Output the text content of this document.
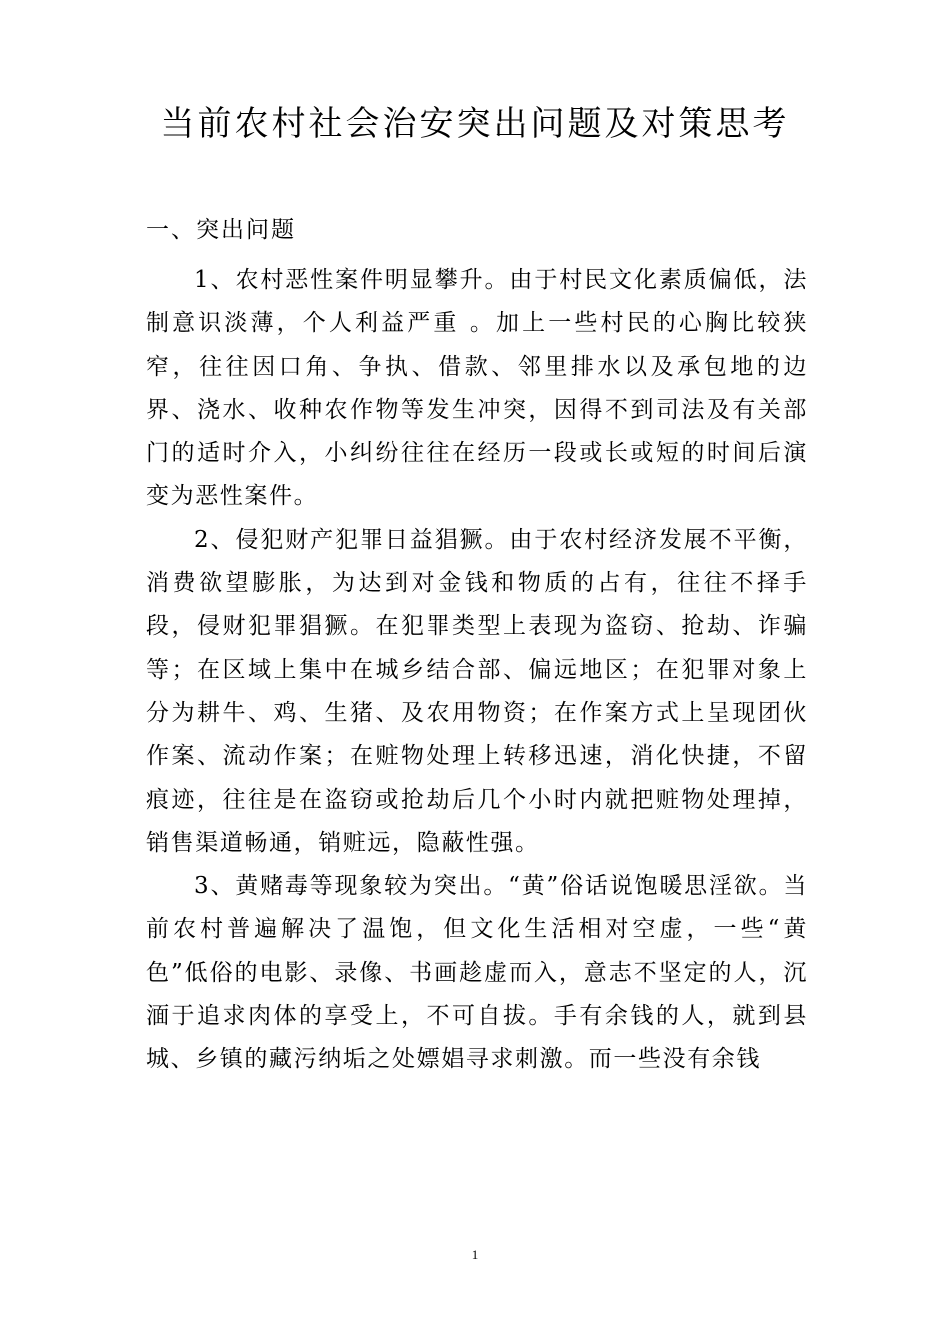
当前农村社会治安突出问题及对策思考
一、突出问题

1、农村恶性案件明显攀升。由于村民文化素质偏低，法制意识淡薄，个人利益严重 。加上一些村民的心胸比较狭窄，往往因口角、争执、借款、邻里排水以及承包地的边界、浇水、收种农作物等发生冲突，因得不到司法及有关部门的适时介入，小纠纷往往在经历一段或长或短的时间后演变为恶性案件。

2、侵犯财产犯罪日益猖獗。由于农村经济发展不平衡，消费欲望膨胀，为达到对金钱和物质的占有，往往不择手段，侵财犯罪猖獗。在犯罪类型上表现为盗窃、抢劫、诈骗等；在区域上集中在城乡结合部、偏远地区；在犯罪对象上分为耕牛、鸡、生猪、及农用物资；在作案方式上呈现团伙作案、流动作案；在赃物处理上转移迅速，消化快捷，不留痕迹，往往是在盗窃或抢劫后几个小时内就把赃物处理掉，销售渠道畅通，销赃远，隐蔽性强。

3、黄赌毒等现象较为突出。“黄”俗话说饱暖思淫欲。当前农村普遍解决了温饱，但文化生活相对空虚，一些“黄色”低俗的电影、录像、书画趁虚而入，意志不坚定的人，沉湎于追求肉体的享受上，不可自拔。手有余钱的人，就到县城、乡镇的藏污纳垢之处嫖娼寻求刺激。而一些没有余钱

1
